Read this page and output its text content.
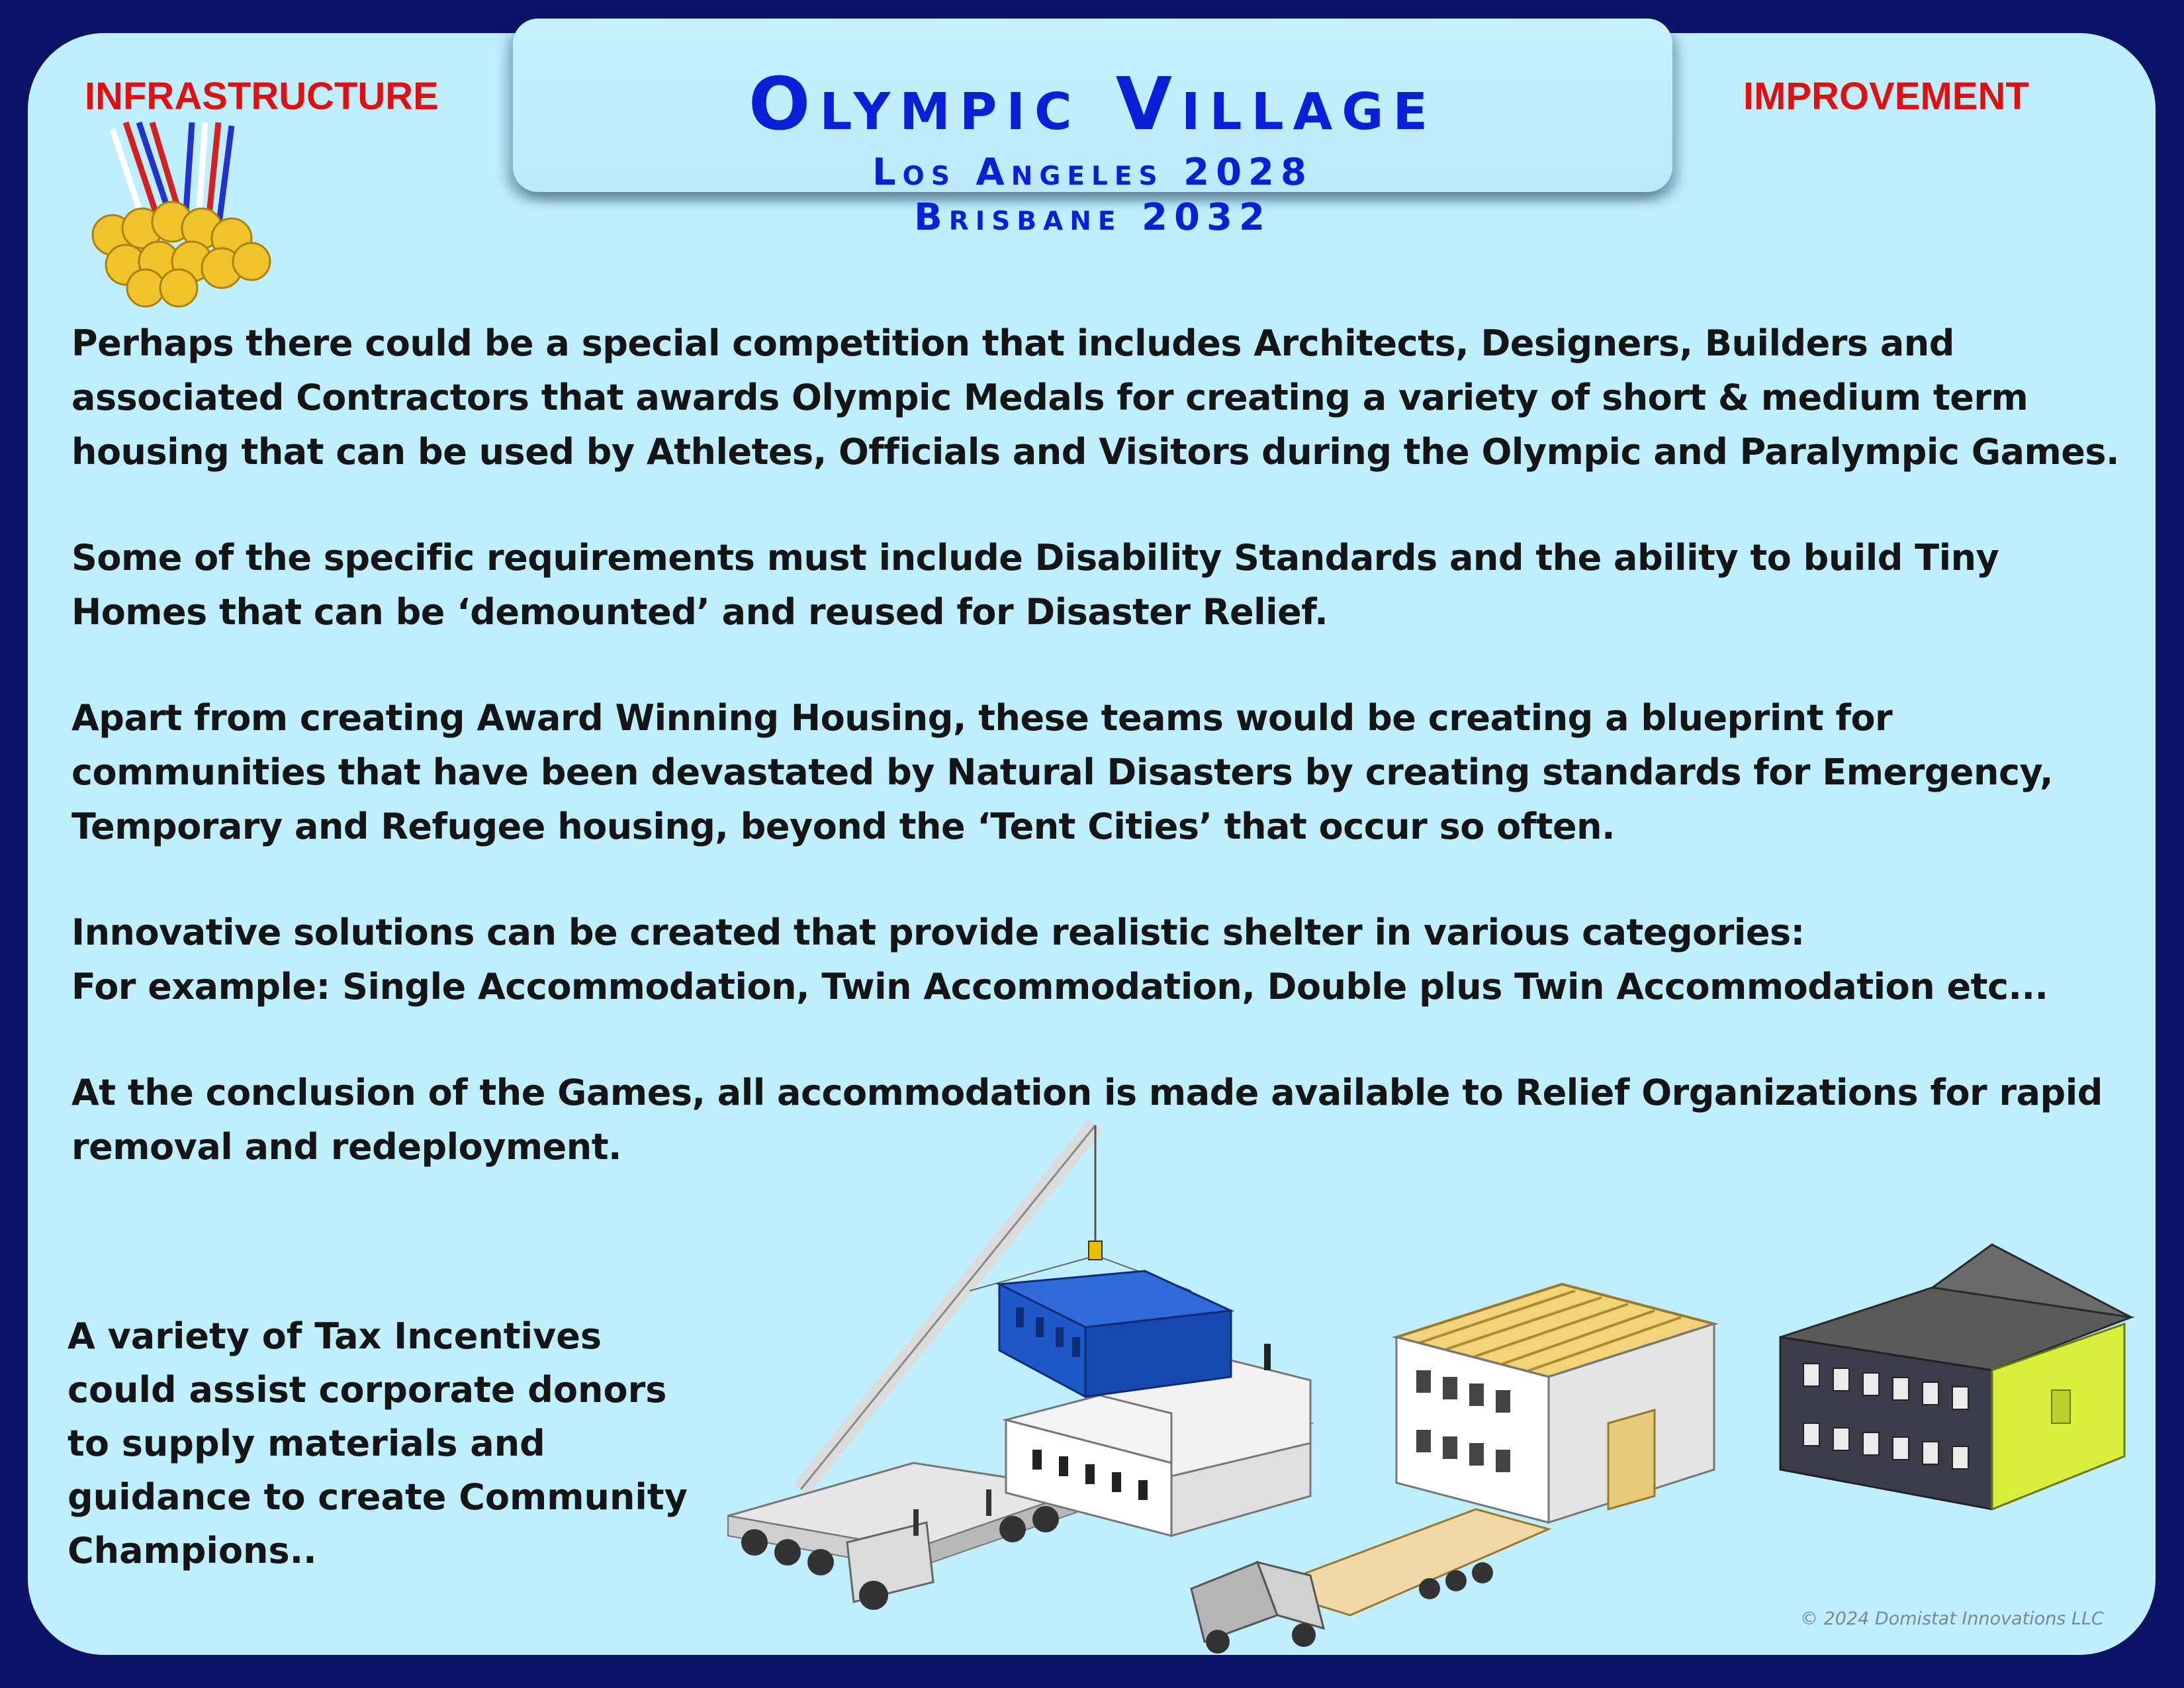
Olympic Village
Los Angeles 2028
Brisbane 2032
INFRASTRUCTURE	IMPROVEMENT

Perhaps there could be a special competition that includes Architects, Designers, Builders and associated Contractors that awards Olympic Medals for creating a variety of short & medium term housing that can be used by Athletes, Officials and Visitors during the Olympic and Paralympic Games.

Some of the specific requirements must include Disability Standards and the ability to build Tiny Homes that can be ‘demounted’ and reused for Disaster Relief.

Apart from creating Award Winning Housing, these teams would be creating a blueprint for communities that have been devastated by Natural Disasters by creating standards for Emergency, Temporary and Refugee housing, beyond the ‘Tent Cities’ that occur so often.

Innovative solutions can be created that provide realistic shelter in various categories:

For example: Single Accommodation, Twin Accommodation, Double plus Twin Accommodation etc...

At the conclusion of the Games, all accommodation is made available to Relief Organizations for rapid removal and redeployment.

A variety of Tax Incentives could assist corporate donors to supply materials and guidance to create Community Champions..
© 2024 Domistat Innovations LLC
